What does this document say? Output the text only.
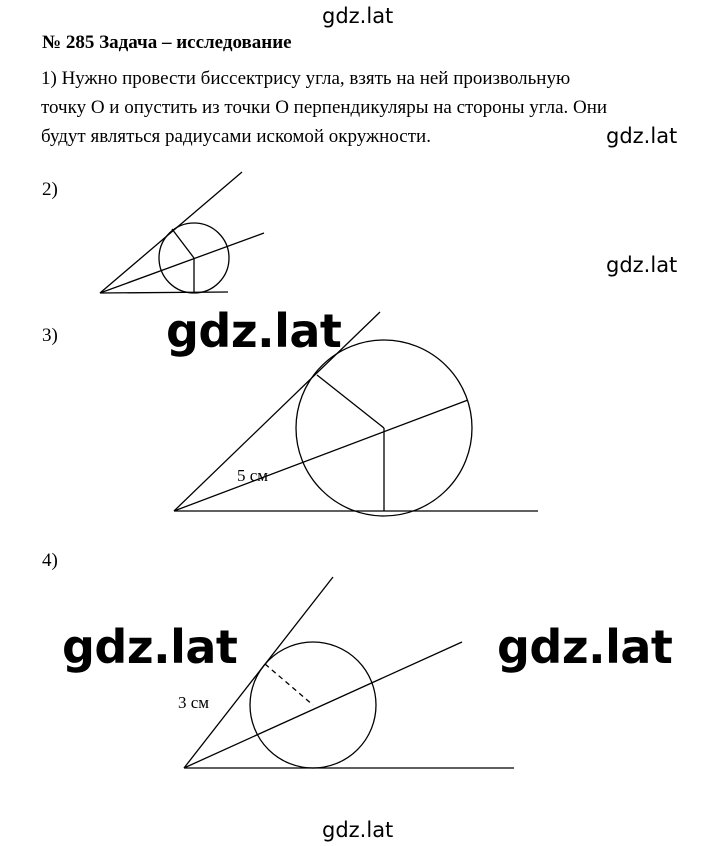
gdz.lat
gdz.lat
gdz.lat
gdz.lat
№ 285 Задача – исследование
1) Нужно провести биссектрису угла, взять на ней произвольную
точку O и опустить из точки O перпендикуляры на стороны угла. Они
будут являться радиусами искомой окружности.
2)
3)
4)
5 см
3 см
gdz.lat
gdz.lat	gdz.lat
